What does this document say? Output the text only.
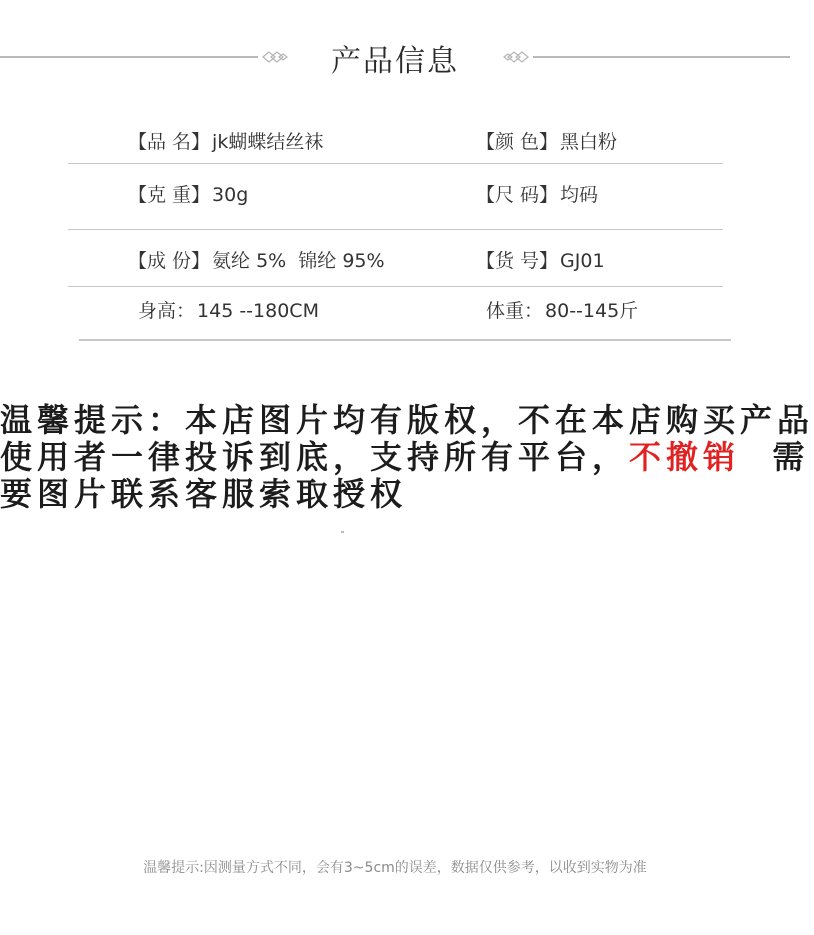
产品信息
【品 名】 jk蝴蝶结丝袜	【颜 色】 黑白粉
【克 重】 30g	【尺 码】 均码
【成 份】 氨纶 5%  锦纶 95%	【货 号】 GJ01
身高： 145 --180CM	体重： 80--145斤
温馨提示：本店图片均有版权，不在本店购买产品
使用者一律投诉到底，支持所有平台，不撤销  需
要图片联系客服索取授权
温馨提示:因测量方式不同，会有3~5cm的误差，数据仅供参考，以收到实物为准
